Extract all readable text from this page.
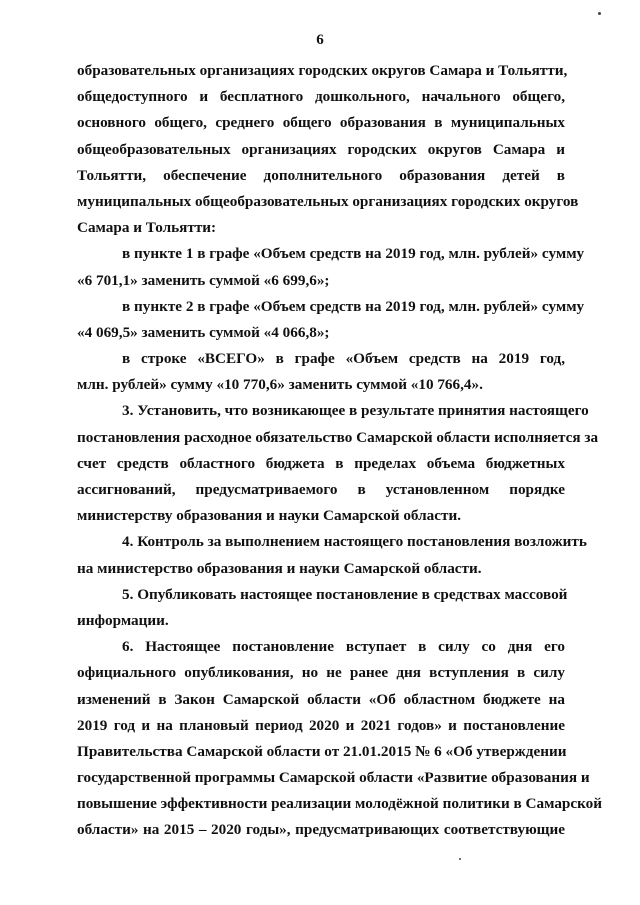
6
образовательных организациях городских округов Самара и Тольятти,
общедоступного и бесплатного дошкольного, начального общего,
основного общего, среднего общего образования в муниципальных
общеобразовательных организациях городских округов Самара и
Тольятти, обеспечение дополнительного образования детей в
муниципальных общеобразовательных организациях городских округов
Самара и Тольятти:
в пункте 1 в графе «Объем средств на 2019 год, млн. рублей» сумму
«6 701,1» заменить суммой «6 699,6»;
в пункте 2 в графе «Объем средств на 2019 год, млн. рублей» сумму
«4 069,5» заменить суммой «4 066,8»;
в строке «ВСЕГО» в графе «Объем средств на 2019 год,
млн. рублей» сумму «10 770,6» заменить суммой «10 766,4».
3. Установить, что возникающее в результате принятия настоящего
постановления расходное обязательство Самарской области исполняется за
счет средств областного бюджета в пределах объема бюджетных
ассигнований, предусматриваемого в установленном порядке
министерству образования и науки Самарской области.
4. Контроль за выполнением настоящего постановления возложить
на министерство образования и науки Самарской области.
5. Опубликовать настоящее постановление в средствах массовой
информации.
6. Настоящее постановление вступает в силу со дня его
официального опубликования, но не ранее дня вступления в силу
изменений в Закон Самарской области «Об областном бюджете на
2019 год и на плановый период 2020 и 2021 годов» и постановление
Правительства Самарской области от 21.01.2015 № 6 «Об утверждении
государственной программы Самарской области «Развитие образования и
повышение эффективности реализации молодёжной политики в Самарской
области» на 2015 – 2020 годы», предусматривающих соответствующие
